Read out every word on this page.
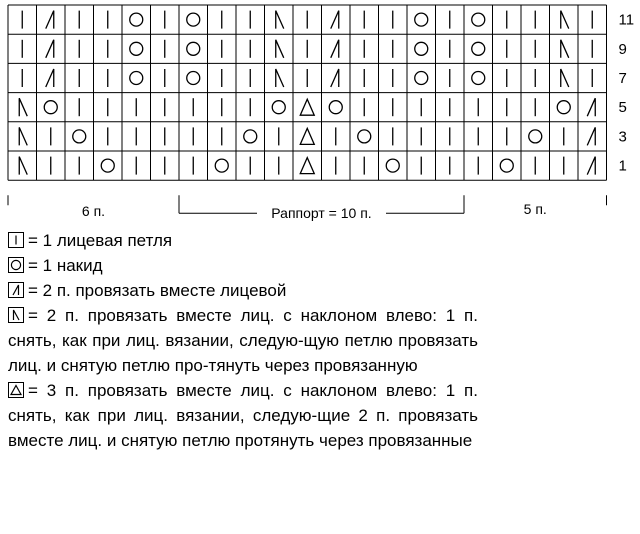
11
9
7
5
3
1
6 п.	Раппорт = 10 п.	5 п.
= 1 лицевая петля
= 1 накид
= 2 п. провязать вместе лицевой
= 2 п. провязать вместе лиц. с наклоном влево: 1 п. снять, как при лиц. вязании, следую-щую петлю провязать лиц. и снятую петлю про-тянуть через провязанную
= 3 п. провязать вместе лиц. с наклоном влево: 1 п. снять, как при лиц. вязании, следую-щие 2 п. провязать вместе лиц. и снятую петлю протянуть через провязанные
